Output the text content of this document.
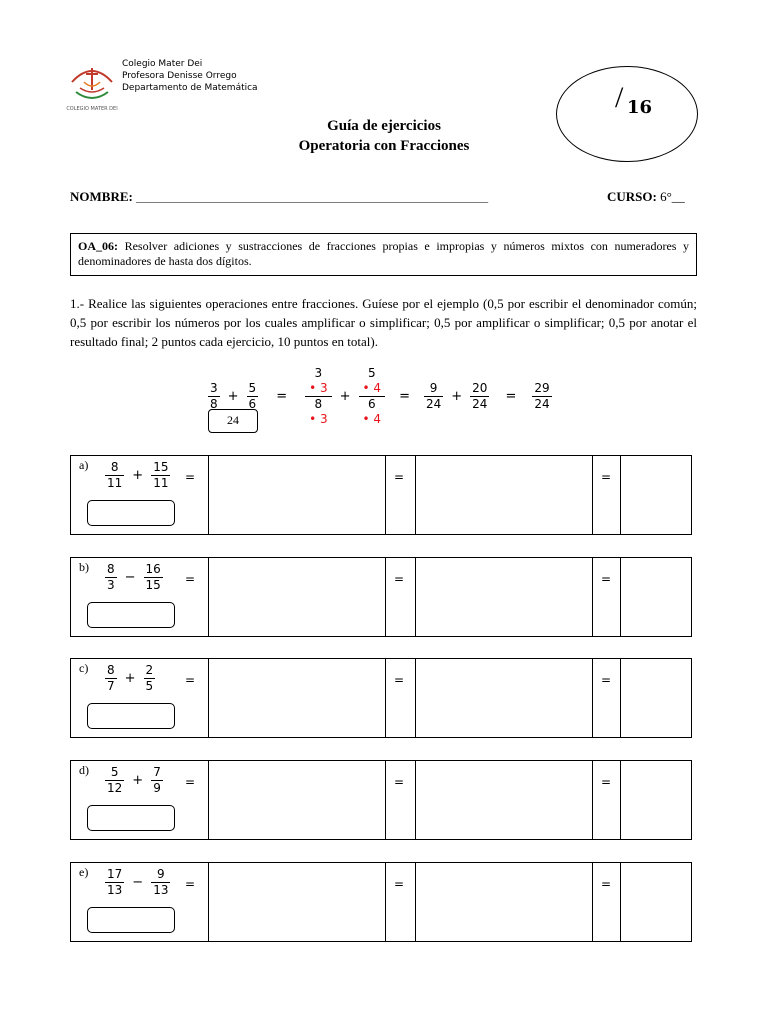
COLEGIO MATER DEI
Colegio Mater Dei
Profesora Denisse Orrego
Departamento de Matemática	/ 16
Guía de ejercicios
Operatoria con Fracciones
NOMBRE: ________________________________________________________________	CURSO: 6°__
OA_06: Resolver adiciones y sustracciones de fracciones propias e impropias y números mixtos con numeradores y denominadores de hasta dos dígitos.
1.- Realice las siguientes operaciones entre fracciones. Guíese por el ejemplo (0,5 por escribir el denominador común; 0,5 por escribir los números por los cuales amplificar o simplificar; 0,5 por amplificar o simplificar; 0,5 por anotar el resultado final; 2 puntos cada ejercicio, 10 puntos en total).
$\frac{3}{8} + \frac{5}{6} = 3$
• 3
8
• 3 + 5
• 4
6
• $4 = \frac{9}{24} + \frac{20}{24} = \frac{29}{24}$
24
$a) \frac{8}{11} + \frac{15}{11}$ =	=	=
$b) \frac{8}{3} - \frac{16}{15}$ =	=	=
$c) \frac{8}{7} + \frac{2}{5}$ =	=	=
$d) \frac{5}{12} + \frac{7}{9}$ =	=	=
$e) \frac{17}{13} - \frac{9}{13}$ =	=	=
